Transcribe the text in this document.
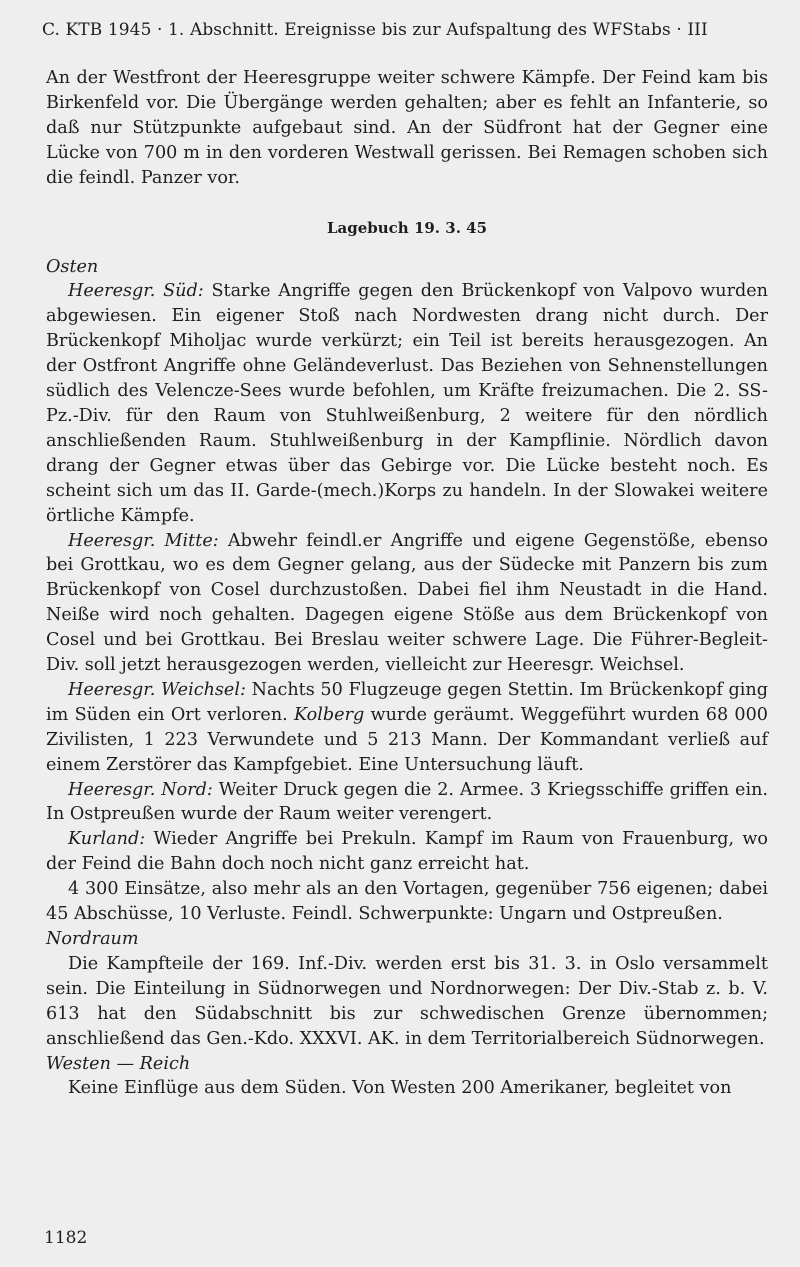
C. KTB 1945 · 1. Abschnitt. Ereignisse bis zur Aufspaltung des WFStabs · III

An der Westfront der Heeresgruppe weiter schwere Kämpfe. Der Feind kam bis Birkenfeld vor. Die Übergänge werden gehalten; aber es fehlt an Infanterie, so daß nur Stützpunkte aufgebaut sind. An der Südfront hat der Gegner eine Lücke von 700 m in den vorderen Westwall gerissen. Bei Remagen schoben sich die feindl. Panzer vor.

Lagebuch 19. 3. 45

Osten

Heeresgr. Süd: Starke Angriffe gegen den Brückenkopf von Valpovo wurden abgewiesen. Ein eigener Stoß nach Nordwesten drang nicht durch. Der Brückenkopf Miholjac wurde verkürzt; ein Teil ist bereits herausgezogen. An der Ostfront Angriffe ohne Geländeverlust. Das Beziehen von Sehnenstellungen südlich des Velencze-Sees wurde befohlen, um Kräfte freizumachen. Die 2. SS-Pz.-Div. für den Raum von Stuhlweißenburg, 2 weitere für den nördlich anschließenden Raum. Stuhlweißenburg in der Kampflinie. Nördlich davon drang der Gegner etwas über das Gebirge vor. Die Lücke besteht noch. Es scheint sich um das II. Garde-(mech.)Korps zu handeln. In der Slowakei weitere örtliche Kämpfe.

Heeresgr. Mitte: Abwehr feindl.er Angriffe und eigene Gegenstöße, ebenso bei Grottkau, wo es dem Gegner gelang, aus der Südecke mit Panzern bis zum Brückenkopf von Cosel durchzustoßen. Dabei fiel ihm Neustadt in die Hand. Neiße wird noch gehalten. Dagegen eigene Stöße aus dem Brückenkopf von Cosel und bei Grottkau. Bei Breslau weiter schwere Lage. Die Führer-Begleit-Div. soll jetzt herausgezogen werden, vielleicht zur Heeresgr. Weichsel.

Heeresgr. Weichsel: Nachts 50 Flugzeuge gegen Stettin. Im Brückenkopf ging im Süden ein Ort verloren. Kolberg wurde geräumt. Weggeführt wurden 68 000 Zivilisten, 1 223 Verwundete und 5 213 Mann. Der Kommandant verließ auf einem Zerstörer das Kampfgebiet. Eine Untersuchung läuft.

Heeresgr. Nord: Weiter Druck gegen die 2. Armee. 3 Kriegsschiffe griffen ein. In Ostpreußen wurde der Raum weiter verengert.

Kurland: Wieder Angriffe bei Prekuln. Kampf im Raum von Frauenburg, wo der Feind die Bahn doch noch nicht ganz erreicht hat.

4 300 Einsätze, also mehr als an den Vortagen, gegenüber 756 eigenen; dabei 45 Abschüsse, 10 Verluste. Feindl. Schwerpunkte: Ungarn und Ostpreußen.

Nordraum

Die Kampfteile der 169. Inf.-Div. werden erst bis 31. 3. in Oslo versammelt sein. Die Einteilung in Südnorwegen und Nordnorwegen: Der Div.-Stab z. b. V. 613 hat den Südabschnitt bis zur schwedischen Grenze übernommen; anschließend das Gen.-Kdo. XXXVI. AK. in dem Territorialbereich Südnorwegen.

Westen — Reich

Keine Einflüge aus dem Süden. Von Westen 200 Amerikaner, begleitet von

1182
